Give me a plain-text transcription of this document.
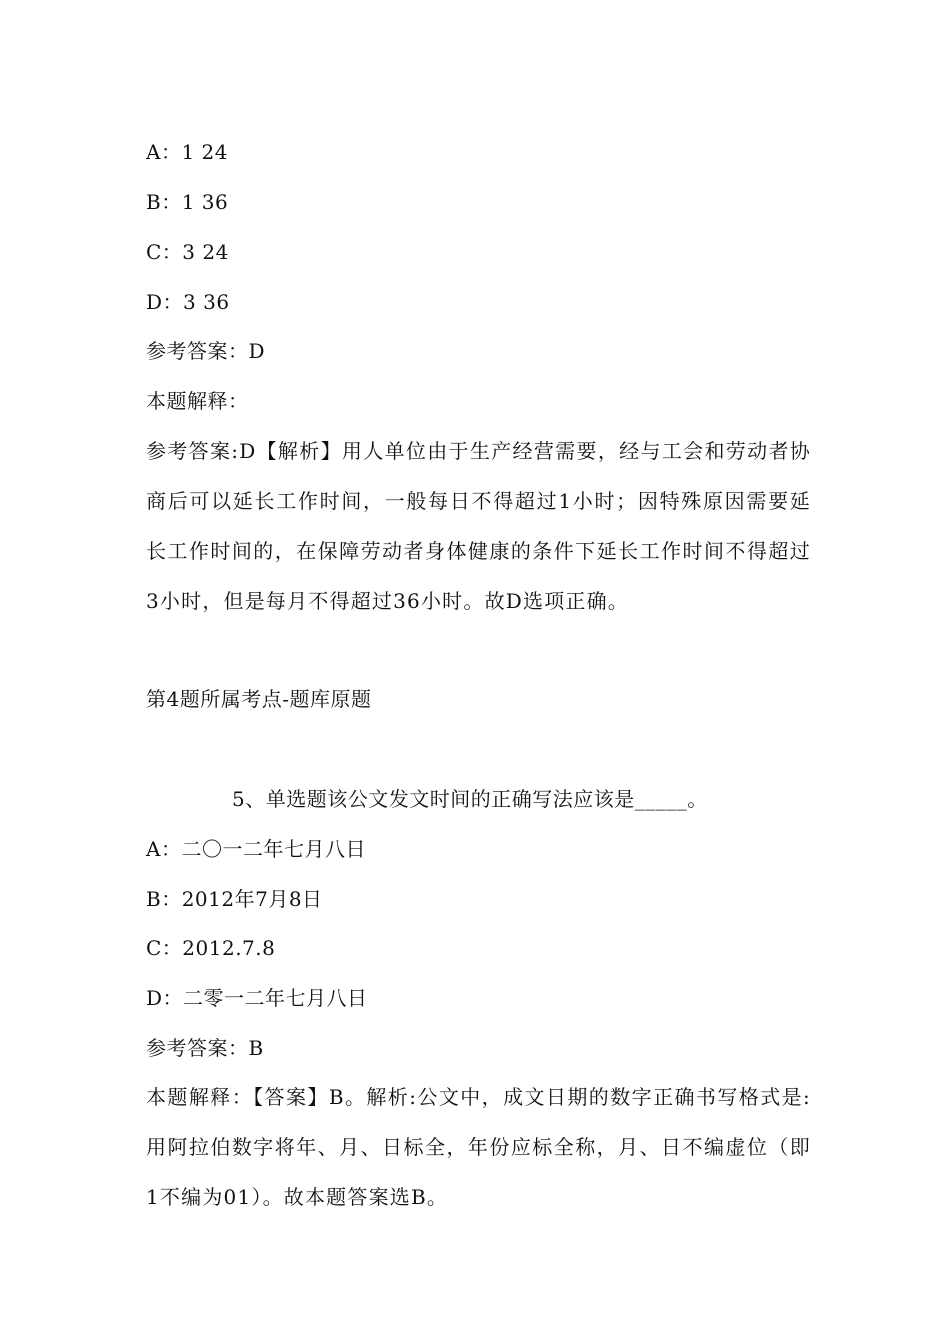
A：1 24
B：1 36
C：3 24
D：3 36
参考答案：D
本题解释：
参考答案:D【解析】用人单位由于生产经营需要，经与工会和劳动者协商后可以延长工作时间，一般每日不得超过1小时；因特殊原因需要延长工作时间的，在保障劳动者身体健康的条件下延长工作时间不得超过3小时，但是每月不得超过36小时。故D选项正确。
第4题所属考点-题库原题
5、单选题该公文发文时间的正确写法应该是_____。
A：二〇一二年七月八日
B：2012年7月8日
C：2012.7.8
D：二零一二年七月八日
参考答案：B
本题解释：【答案】B。解析:公文中，成文日期的数字正确书写格式是:用阿拉伯数字将年、月、日标全，年份应标全称，月、日不编虚位（即1不编为01）。故本题答案选B。
